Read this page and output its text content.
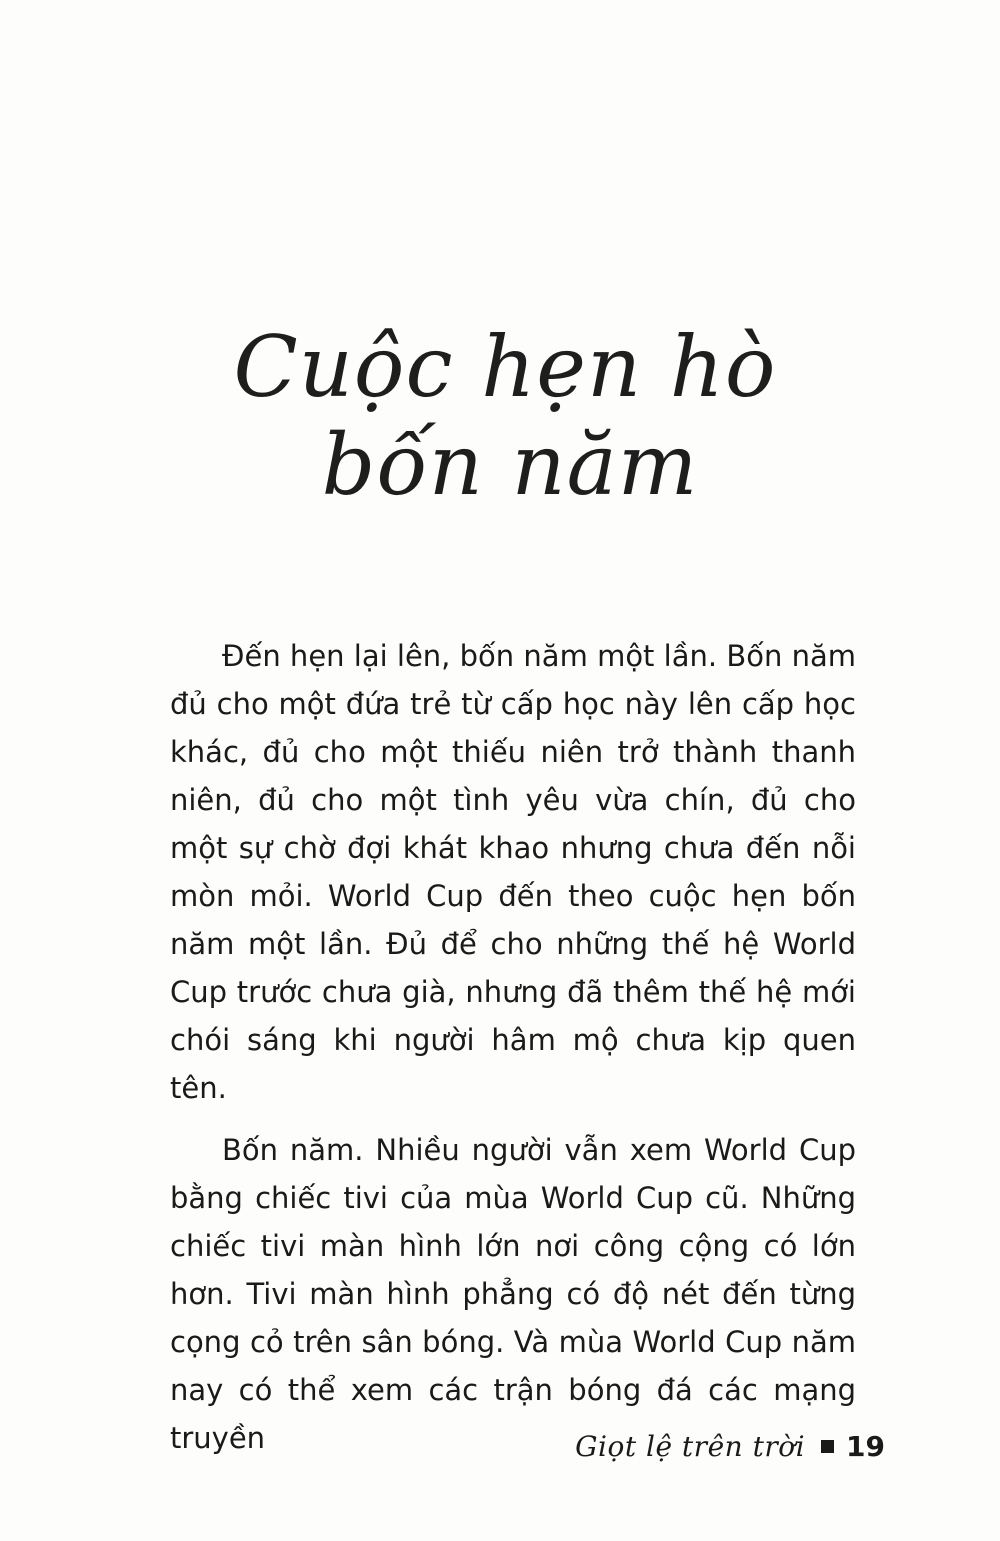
Cuộc hẹn hò
bốn năm

Đến hẹn lại lên, bốn năm một lần. Bốn năm đủ cho một đứa trẻ từ cấp học này lên cấp học khác, đủ cho một thiếu niên trở thành thanh niên, đủ cho một tình yêu vừa chín, đủ cho một sự chờ đợi khát khao nhưng chưa đến nỗi mòn mỏi. World Cup đến theo cuộc hẹn bốn năm một lần. Đủ để cho những thế hệ World Cup trước chưa già, nhưng đã thêm thế hệ mới chói sáng khi người hâm mộ chưa kịp quen tên.

Bốn năm. Nhiều người vẫn xem World Cup bằng chiếc tivi của mùa World Cup cũ. Những chiếc tivi màn hình lớn nơi công cộng có lớn hơn. Tivi màn hình phẳng có độ nét đến từng cọng cỏ trên sân bóng. Và mùa World Cup năm nay có thể xem các trận bóng đá các mạng truyền	Giọt lệ trên trời 19
